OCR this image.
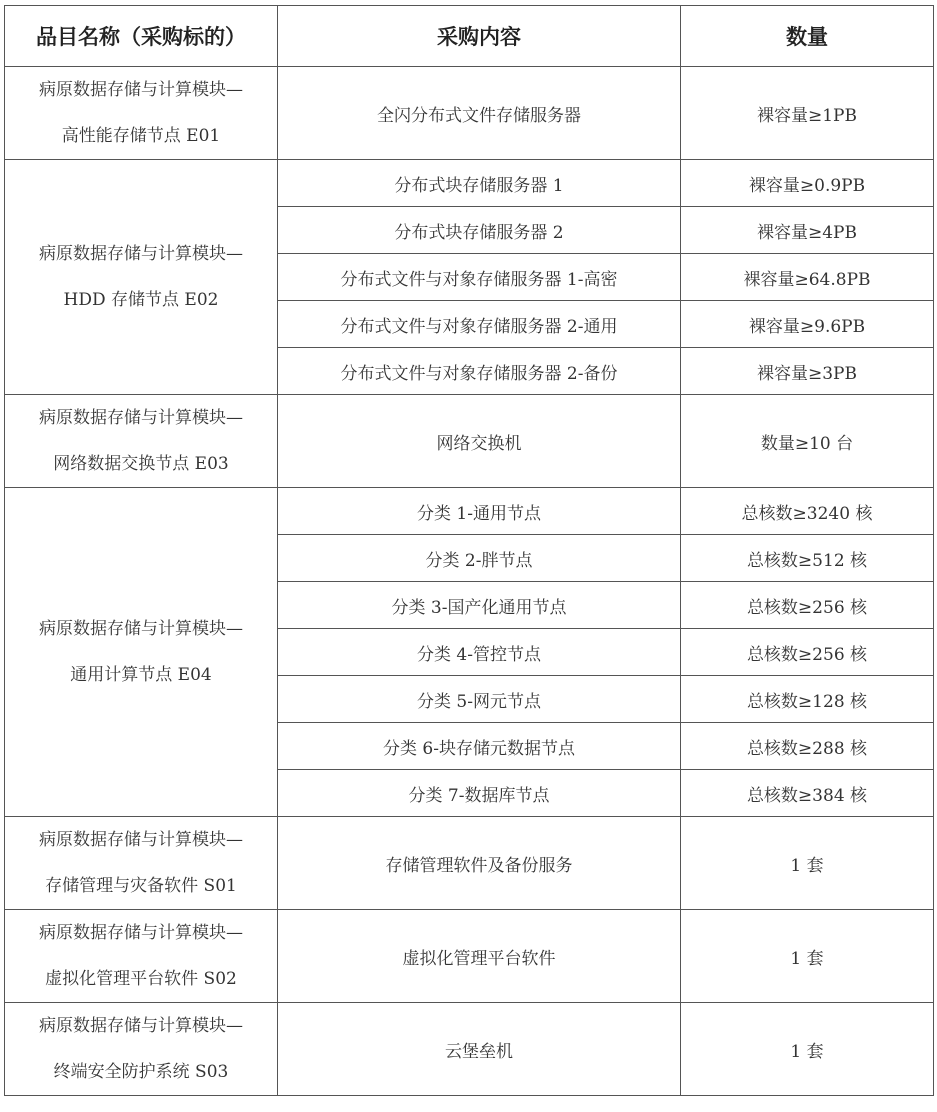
品目名称（采购标的）	采购内容	数量

病原数据存储与计算模块—
高性能存储节点 E01	全闪分布式文件存储服务器	裸容量≥1PB

病原数据存储与计算模块—
HDD 存储节点 E02	分布式块存储服务器 1	裸容量≥0.9PB
	分布式块存储服务器 2	裸容量≥4PB
	分布式文件与对象存储服务器 1-高密	裸容量≥64.8PB
	分布式文件与对象存储服务器 2-通用	裸容量≥9.6PB
	分布式文件与对象存储服务器 2-备份	裸容量≥3PB

病原数据存储与计算模块—
网络数据交换节点 E03	网络交换机	数量≥10 台

病原数据存储与计算模块—
通用计算节点 E04	分类 1-通用节点	总核数≥3240 核
	分类 2-胖节点	总核数≥512 核
	分类 3-国产化通用节点	总核数≥256 核
	分类 4-管控节点	总核数≥256 核
	分类 5-网元节点	总核数≥128 核
	分类 6-块存储元数据节点	总核数≥288 核
	分类 7-数据库节点	总核数≥384 核

病原数据存储与计算模块—
存储管理与灾备软件 S01	存储管理软件及备份服务	1 套

病原数据存储与计算模块—
虚拟化管理平台软件 S02	虚拟化管理平台软件	1 套

病原数据存储与计算模块—
终端安全防护系统 S03	云堡垒机	1 套
